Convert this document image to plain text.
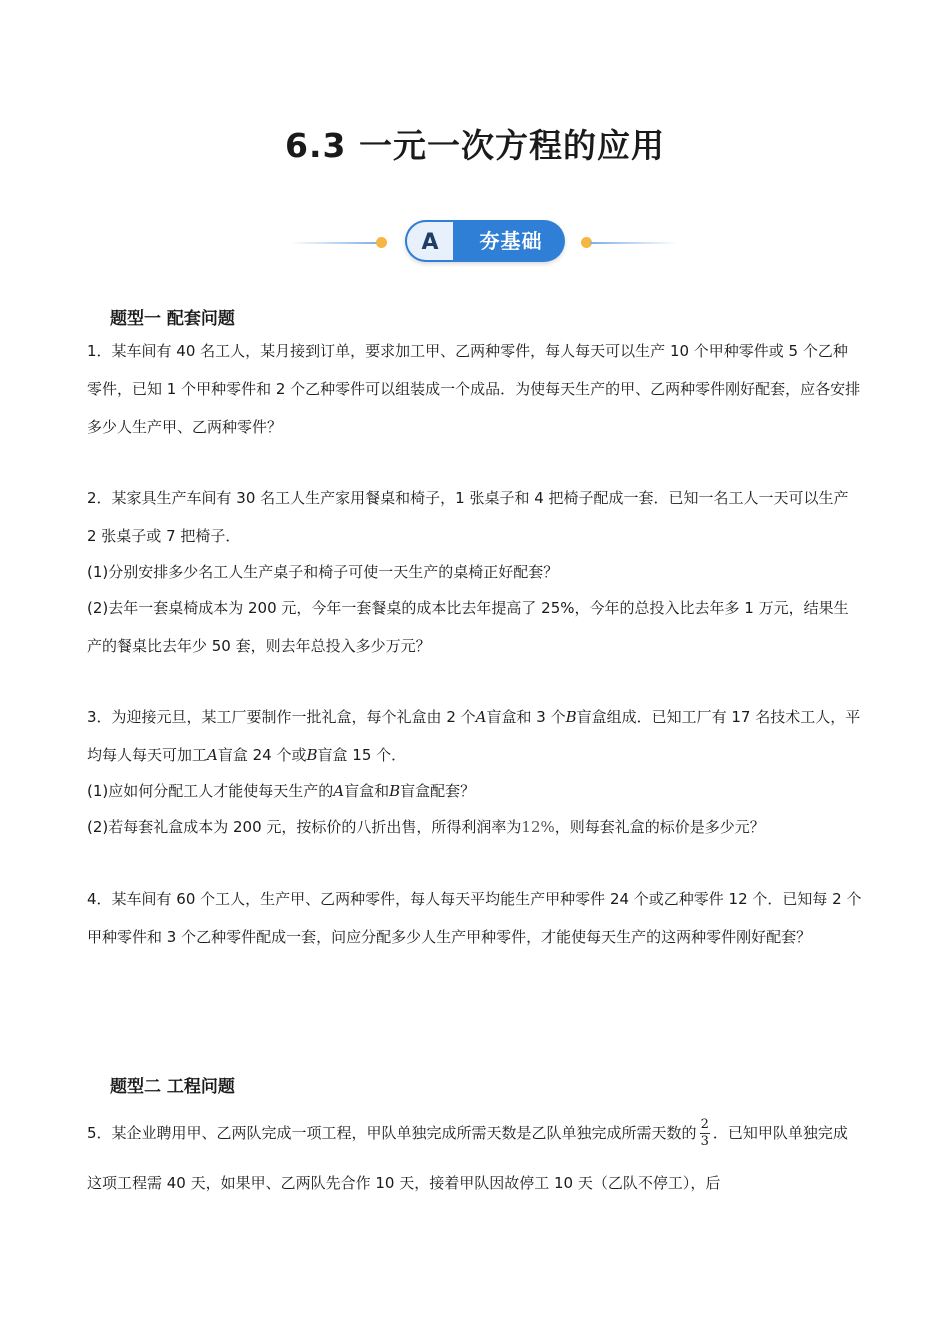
6.3 一元一次方程的应用
A	夯基础
题型一 配套问题

1．某车间有 40 名工人，某月接到订单，要求加工甲、乙两种零件，每人每天可以生产 10 个甲种零件或 5 个乙种零件，已知 1 个甲种零件和 2 个乙种零件可以组装成一个成品．为使每天生产的甲、乙两种零件刚好配套，应各安排多少人生产甲、乙两种零件？

2．某家具生产车间有 30 名工人生产家用餐桌和椅子，1 张桌子和 4 把椅子配成一套．已知一名工人一天可以生产 2 张桌子或 7 把椅子．

(1)分别安排多少名工人生产桌子和椅子可使一天生产的桌椅正好配套？

(2)去年一套桌椅成本为 200 元，今年一套餐桌的成本比去年提高了 25%，今年的总投入比去年多 1 万元，结果生产的餐桌比去年少 50 套，则去年总投入多少万元？

3．为迎接元旦，某工厂要制作一批礼盒，每个礼盒由 2 个A盲盒和 3 个B盲盒组成．已知工厂有 17 名技术工人，平均每人每天可加工A盲盒 24 个或B盲盒 15 个．

(1)应如何分配工人才能使每天生产的A盲盒和B盲盒配套？

(2)若每套礼盒成本为 200 元，按标价的八折出售，所得利润率为12%，则每套礼盒的标价是多少元？

4．某车间有 60 个工人，生产甲、乙两种零件，每人每天平均能生产甲种零件 24 个或乙种零件 12 个．已知每 2 个甲种零件和 3 个乙种零件配成一套，问应分配多少人生产甲种零件，才能使每天生产的这两种零件刚好配套？

题型二 工程问题

5．某企业聘用甲、乙两队完成一项工程，甲队单独完成所需天数是乙队单独完成所需天数的 $\frac{2}{3}$ ．已知甲队单独完成这项工程需 40 天，如果甲、乙两队先合作 10 天，接着甲队因故停工 10 天（乙队不停工），后
